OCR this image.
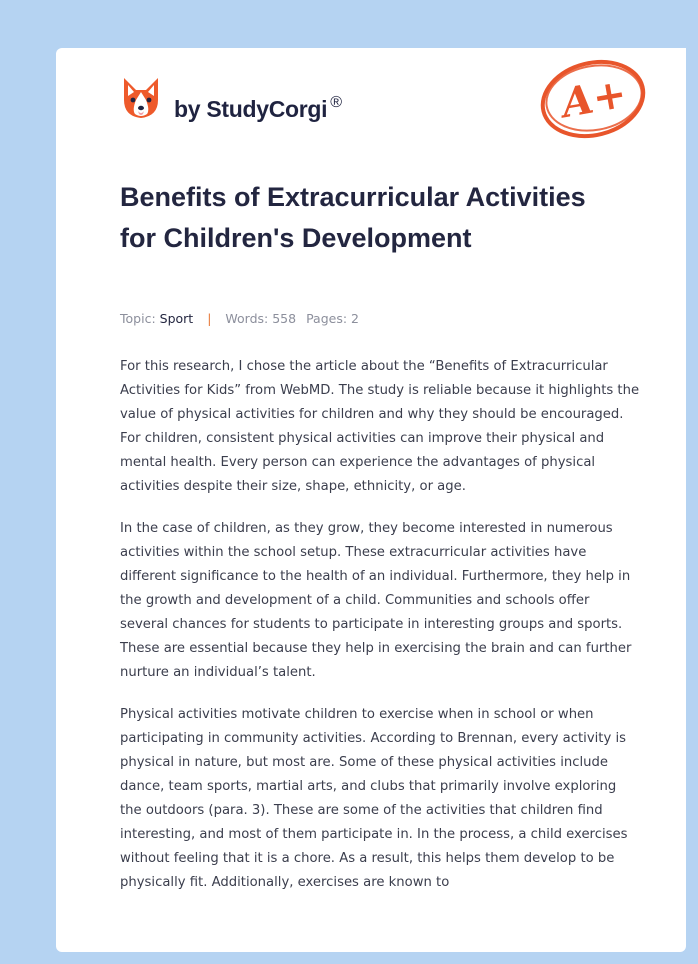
by StudyCorgi ®	A+
Benefits of Extracurricular Activities for Children's Development
Topic: Sport | Words: 558 Pages: 2

For this research, I chose the article about the “Benefits of Extracurricular Activities for Kids” from WebMD. The study is reliable because it highlights the value of physical activities for children and why they should be encouraged. For children, consistent physical activities can improve their physical and mental health. Every person can experience the advantages of physical activities despite their size, shape, ethnicity, or age.

In the case of children, as they grow, they become interested in numerous activities within the school setup. These extracurricular activities have different significance to the health of an individual. Furthermore, they help in the growth and development of a child. Communities and schools offer several chances for students to participate in interesting groups and sports. These are essential because they help in exercising the brain and can further nurture an individual’s talent.

Physical activities motivate children to exercise when in school or when participating in community activities. According to Brennan, every activity is physical in nature, but most are. Some of these physical activities include dance, team sports, martial arts, and clubs that primarily involve exploring the outdoors (para. 3). These are some of the activities that children find interesting, and most of them participate in. In the process, a child exercises without feeling that it is a chore. As a result, this helps them develop to be physically fit. Additionally, exercises are known to
